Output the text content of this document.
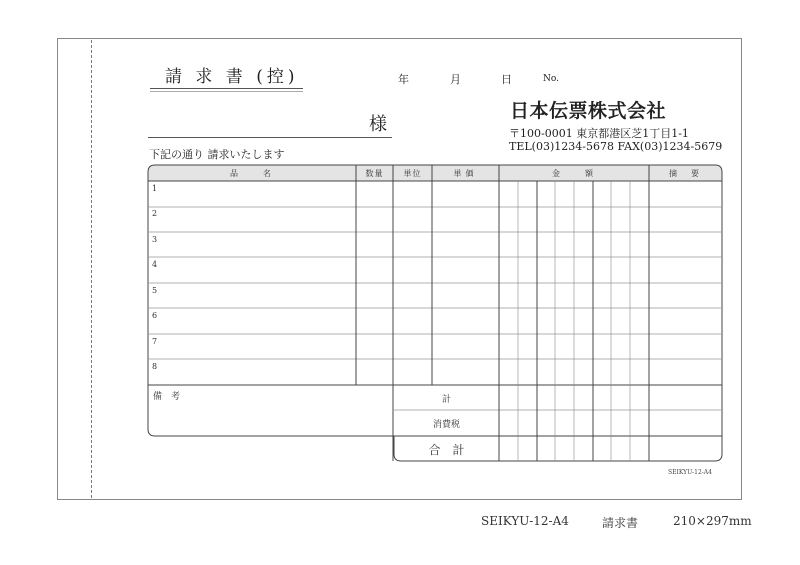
請 求 書 (控)	年	月	日	No.
様
下記の通り 請求いたします
日本伝票株式会社
〒100-0001 東京都港区芝1丁目1-1
TEL(03)1234-5678 FAX(03)1234-5679
品　　名	数量	単位	単価	金　　額	摘　要
1
2
3
4
5
6
7
8
備　考	計
消費税
合　計
SEIKYU-12-A4
SEIKYU-12-A4	請求書	210×297mm
